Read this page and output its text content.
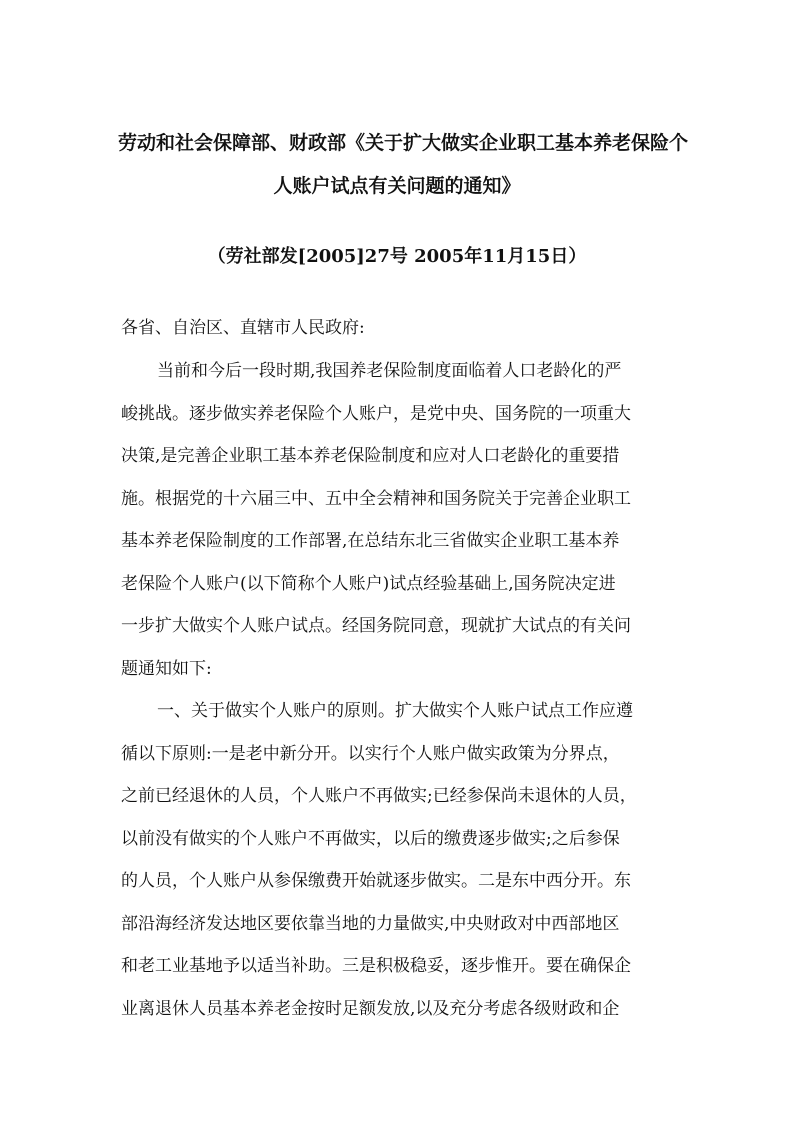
劳动和社会保障部、财政部《关于扩大做实企业职工基本养老保险个
人账户试点有关问题的通知》
（劳社部发[2005]27号 2005年11月15日）
各省、自治区、直辖市人民政府:
当前和今后一段时期,我国养老保险制度面临着人口老龄化的严
峻挑战。逐步做实养老保险个人账户，是党中央、国务院的一项重大
决策,是完善企业职工基本养老保险制度和应对人口老龄化的重要措
施。根据党的十六届三中、五中全会精神和国务院关于完善企业职工
基本养老保险制度的工作部署,在总结东北三省做实企业职工基本养
老保险个人账户(以下简称个人账户)试点经验基础上,国务院决定进
一步扩大做实个人账户试点。经国务院同意，现就扩大试点的有关问
题通知如下:
一、关于做实个人账户的原则。扩大做实个人账户试点工作应遵
循以下原则:一是老中新分开。以实行个人账户做实政策为分界点，
之前已经退休的人员，个人账户不再做实;已经参保尚未退休的人员，
以前没有做实的个人账户不再做实，以后的缴费逐步做实;之后参保
的人员，个人账户从参保缴费开始就逐步做实。二是东中西分开。东
部沿海经济发达地区要依靠当地的力量做实,中央财政对中西部地区
和老工业基地予以适当补助。三是积极稳妥，逐步惟开。要在确保企
业离退休人员基本养老金按时足额发放,以及充分考虑各级财政和企
